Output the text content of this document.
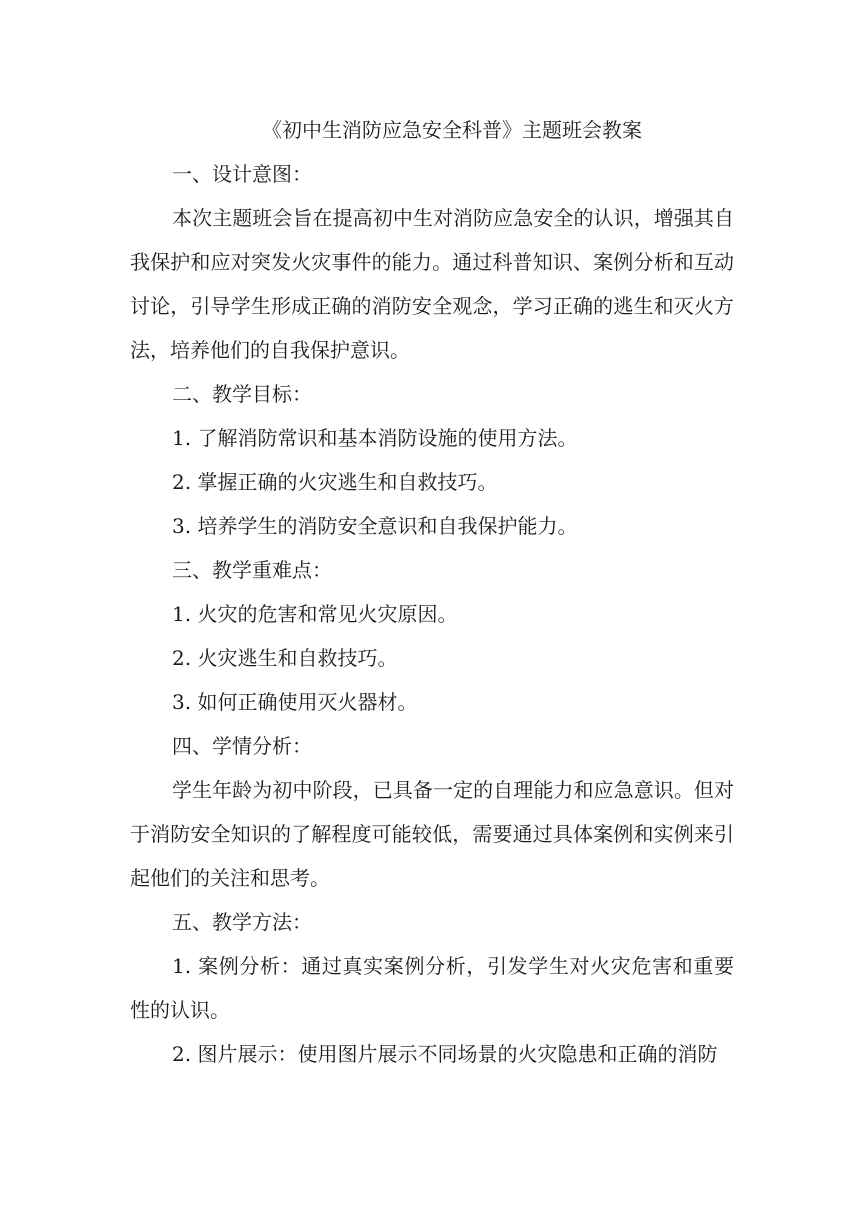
《初中生消防应急安全科普》主题班会教案

一、设计意图：

本次主题班会旨在提高初中生对消防应急安全的认识，增强其自我保护和应对突发火灾事件的能力。通过科普知识、案例分析和互动讨论，引导学生形成正确的消防安全观念，学习正确的逃生和灭火方法，培养他们的自我保护意识。

二、教学目标：

1. 了解消防常识和基本消防设施的使用方法。

2. 掌握正确的火灾逃生和自救技巧。

3. 培养学生的消防安全意识和自我保护能力。

三、教学重难点：

1. 火灾的危害和常见火灾原因。

2. 火灾逃生和自救技巧。

3. 如何正确使用灭火器材。

四、学情分析：

学生年龄为初中阶段，已具备一定的自理能力和应急意识。但对于消防安全知识的了解程度可能较低，需要通过具体案例和实例来引起他们的关注和思考。

五、教学方法：

1. 案例分析：通过真实案例分析，引发学生对火灾危害和重要性的认识。

2. 图片展示：使用图片展示不同场景的火灾隐患和正确的消防
